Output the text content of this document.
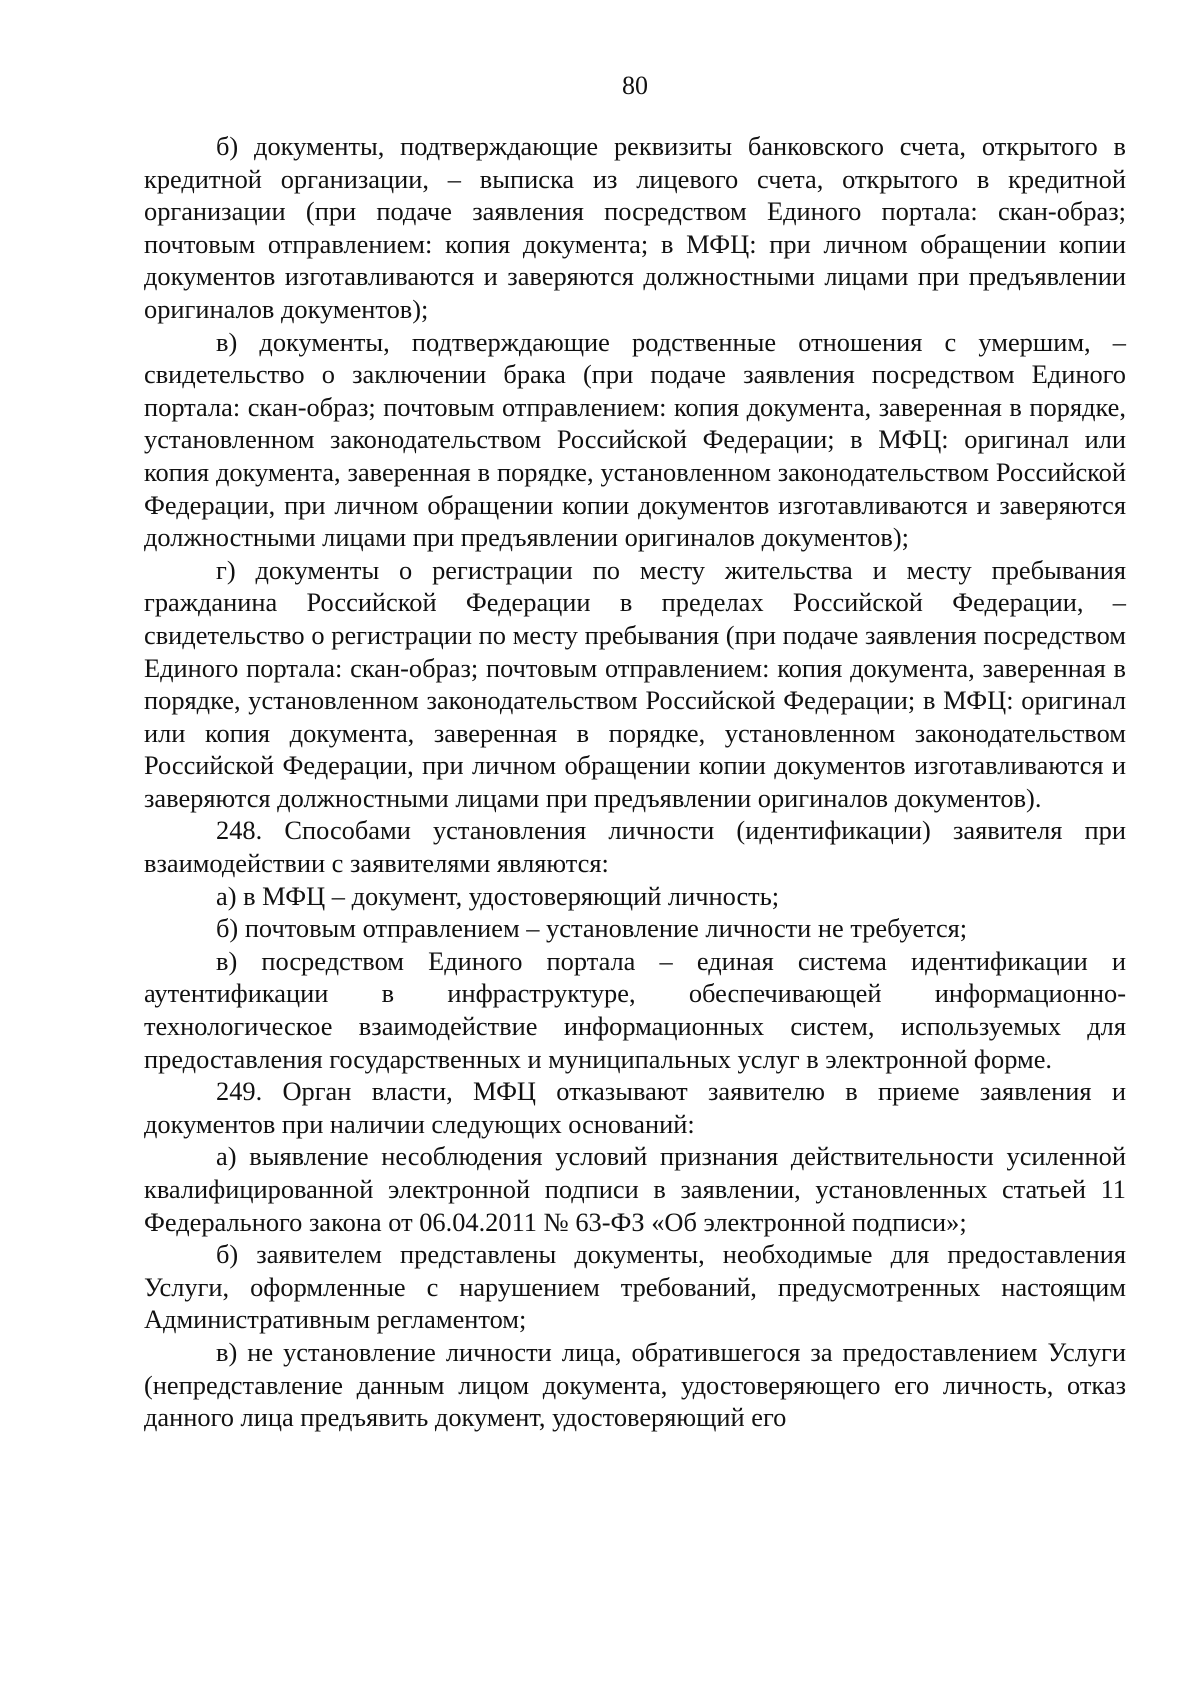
80

б) документы, подтверждающие реквизиты банковского счета, открытого в кредитной организации, – выписка из лицевого счета, открытого в кредитной организации (при подаче заявления посредством Единого портала: скан-образ; почтовым отправлением: копия документа; в МФЦ: при личном обращении копии документов изготавливаются и заверяются должностными лицами при предъявлении оригиналов документов);

в) документы, подтверждающие родственные отношения с умершим, – свидетельство о заключении брака (при подаче заявления посредством Единого портала: скан-образ; почтовым отправлением: копия документа, заверенная в порядке, установленном законодательством Российской Федерации; в МФЦ: оригинал или копия документа, заверенная в порядке, установленном законодательством Российской Федерации, при личном обращении копии документов изготавливаются и заверяются должностными лицами при предъявлении оригиналов документов);

г) документы о регистрации по месту жительства и месту пребывания гражданина Российской Федерации в пределах Российской Федерации, – свидетельство о регистрации по месту пребывания (при подаче заявления посредством Единого портала: скан-образ; почтовым отправлением: копия документа, заверенная в порядке, установленном законодательством Российской Федерации; в МФЦ: оригинал или копия документа, заверенная в порядке, установленном законодательством Российской Федерации, при личном обращении копии документов изготавливаются и заверяются должностными лицами при предъявлении оригиналов документов).

248. Способами установления личности (идентификации) заявителя при взаимодействии с заявителями являются:

а) в МФЦ – документ, удостоверяющий личность;

б) почтовым отправлением – установление личности не требуется;

в) посредством Единого портала – единая система идентификации и аутентификации в инфраструктуре, обеспечивающей информационно-технологическое взаимодействие информационных систем, используемых для предоставления государственных и муниципальных услуг в электронной форме.

249. Орган власти, МФЦ отказывают заявителю в приеме заявления и документов при наличии следующих оснований:

а) выявление несоблюдения условий признания действительности усиленной квалифицированной электронной подписи в заявлении, установленных статьей 11 Федерального закона от 06.04.2011 № 63-ФЗ «Об электронной подписи»;

б) заявителем представлены документы, необходимые для предоставления Услуги, оформленные с нарушением требований, предусмотренных настоящим Административным регламентом;

в) не установление личности лица, обратившегося за предоставлением Услуги (непредставление данным лицом документа, удостоверяющего его личность, отказ данного лица предъявить документ, удостоверяющий его
